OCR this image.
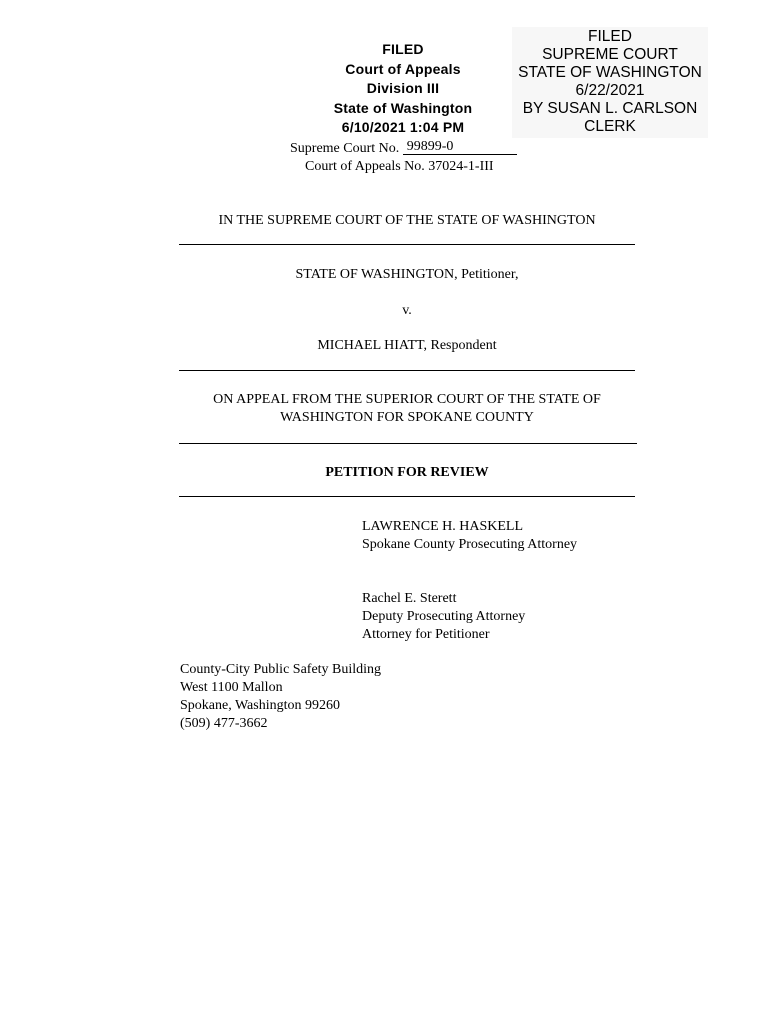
FILED
Court of Appeals
Division III
State of Washington
6/10/2021 1:04 PM
FILED
SUPREME COURT
STATE OF WASHINGTON
6/22/2021
BY SUSAN L. CARLSON
CLERK
Supreme Court No. 99899-0
Court of Appeals No. 37024-1-III
IN THE SUPREME COURT OF THE STATE OF WASHINGTON
STATE OF WASHINGTON, Petitioner,
v.
MICHAEL HIATT, Respondent
ON APPEAL FROM THE SUPERIOR COURT OF THE STATE OF
WASHINGTON FOR SPOKANE COUNTY
PETITION FOR REVIEW
LAWRENCE H. HASKELL
Spokane County Prosecuting Attorney
Rachel E. Sterett
Deputy Prosecuting Attorney
Attorney for Petitioner
County-City Public Safety Building
West 1100 Mallon
Spokane, Washington 99260
(509) 477-3662
